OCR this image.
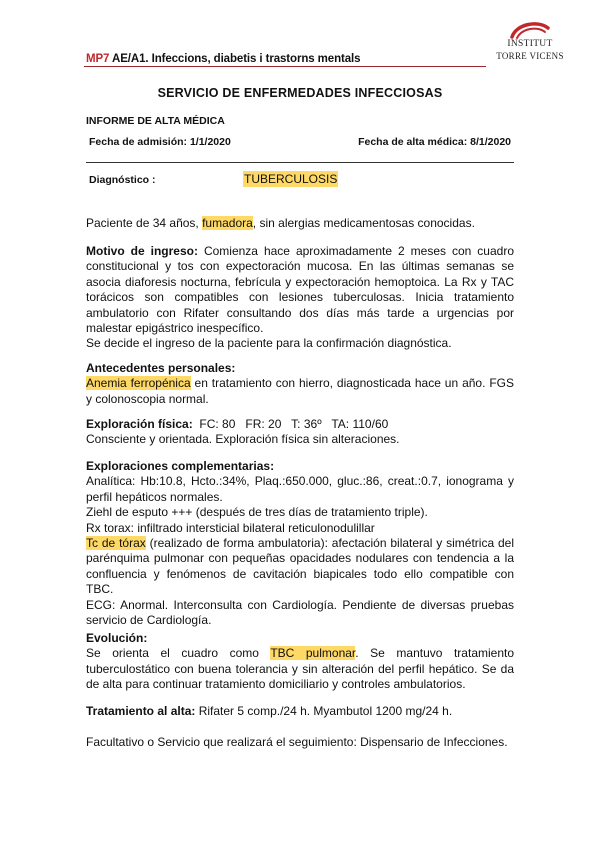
MP7 AE/A1. Infeccions, diabetis i trastorns mentals
INSTITUT
TORRE VICENS
SERVICIO DE ENFERMEDADES INFECCIOSAS
INFORME DE ALTA MÉDICA
Fecha de admisión: 1/1/2020	Fecha de alta médica: 8/1/2020
Diagnóstico :	TUBERCULOSIS
Paciente de 34 años, fumadora, sin alergias medicamentosas conocidas.
Motivo de ingreso: Comienza hace aproximadamente 2 meses con cuadro
constitucional y tos con expectoración mucosa. En las últimas semanas se
asocia diaforesis nocturna, febrícula y expectoración hemoptoica. La Rx y TAC
torácicos son compatibles con lesiones tuberculosas. Inicia tratamiento
ambulatorio con Rifater consultando dos días más tarde a urgencias por
malestar epigástrico inespecífico.
Se decide el ingreso de la paciente para la confirmación diagnóstica.
Antecedentes personales:
Anemia ferropénica en tratamiento con hierro, diagnosticada hace un año. FGS
y colonoscopia normal.
Exploración física:  FC: 80   FR: 20   T: 36º   TA: 110/60
Consciente y orientada. Exploración física sin alteraciones.
Exploraciones complementarias:
Analítica: Hb:10.8, Hcto.:34%, Plaq.:650.000, gluc.:86, creat.:0.7, ionograma y
perfil hepáticos normales.
Ziehl de esputo +++ (después de tres días de tratamiento triple).
Rx torax: infiltrado intersticial bilateral reticulonodulillar
Tc de tórax (realizado de forma ambulatoria): afectación bilateral y simétrica del
parénquima pulmonar con pequeñas opacidades nodulares con tendencia a la
confluencia y fenómenos de cavitación biapicales todo ello compatible con
TBC.
ECG: Anormal. Interconsulta con Cardiología. Pendiente de diversas pruebas
servicio de Cardiología.
Evolución:
Se orienta el cuadro como TBC pulmonar. Se mantuvo tratamiento
tuberculostático con buena tolerancia y sin alteración del perfil hepático. Se da
de alta para continuar tratamiento domiciliario y controles ambulatorios.
Tratamiento al alta: Rifater 5 comp./24 h. Myambutol 1200 mg/24 h.
Facultativo o Servicio que realizará el seguimiento: Dispensario de Infecciones.
